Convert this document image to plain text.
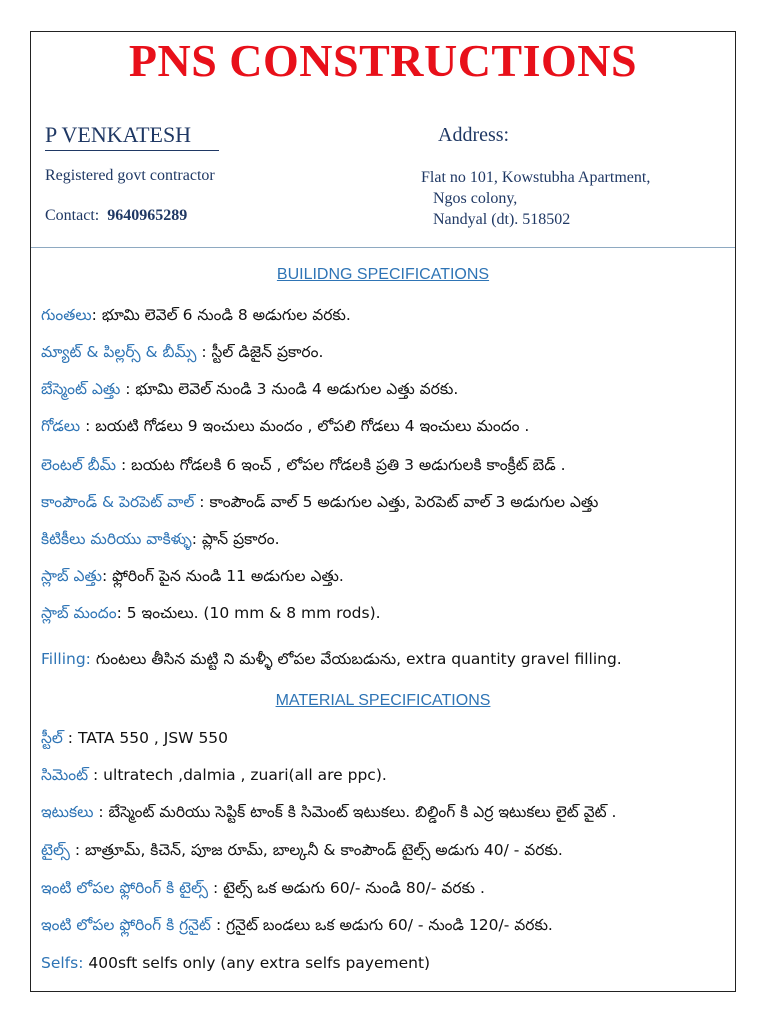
PNS CONSTRUCTIONS
P VENKATESH
Registered govt contractor
Contact: 9640965289
Address:
Flat no 101, Kowstubha Apartment,
Ngos colony,
Nandyal (dt). 518502
BUILIDNG SPECIFICATIONS
గుంతలు: భూమి లెవెల్ 6 నుండి 8 అడుగుల వరకు.
మ్యాట్ & పిల్లర్స్ & బీమ్స్ : స్టీల్ డిజైన్ ప్రకారం.
బేస్మెంట్ ఎత్తు : భూమి లెవెల్ నుండి 3 నుండి 4 అడుగుల ఎత్తు వరకు.
గోడలు : బయటి గోడలు 9 ఇంచులు మందం , లోపలి గోడలు 4 ఇంచులు మందం .
లెంటల్ బీమ్ : బయట గోడలకి 6 ఇంచ్ , లోపల గోడలకి ప్రతి 3 అడుగులకి కాంక్రీట్ బెడ్ .
కాంపౌండ్ & పెరపెట్ వాల్ : కాంపౌండ్ వాల్ 5 అడుగుల ఎత్తు, పెరపెట్ వాల్ 3 అడుగుల ఎత్తు
కిటికీలు మరియు వాకిళ్ళు: ప్లాన్ ప్రకారం.
స్లాబ్ ఎత్తు: ఫ్లోరింగ్ పైన నుండి 11 అడుగుల ఎత్తు.
స్లాబ్ మందం: 5 ఇంచులు. (10 mm & 8 mm rods).
Filling: గుంటలు తీసిన మట్టి ని మళ్ళీ లోపల వేయబడును, extra quantity gravel filling.
MATERIAL SPECIFICATIONS
స్టీల్ : TATA 550 , JSW 550
సిమెంట్ : ultratech ,dalmia , zuari(all are ppc).
ఇటుకలు : బేస్మెంట్ మరియు సెప్టిక్ టాంక్ కి సిమెంట్ ఇటుకలు. బిల్డింగ్ కి ఎర్ర ఇటుకలు లైట్ వైట్ .
టైల్స్ : బాత్రూమ్, కిచెన్, పూజ రూమ్, బాల్కనీ & కాంపౌండ్ టైల్స్ అడుగు 40/ - వరకు.
ఇంటి లోపల ఫ్లోరింగ్ కి టైల్స్ : టైల్స్ ఒక అడుగు 60/- నుండి 80/- వరకు .
ఇంటి లోపల ఫ్లోరింగ్ కి గ్రనైట్ : గ్రనైట్ బండలు ఒక అడుగు 60/ - నుండి 120/- వరకు.
Selfs: 400sft selfs only (any extra selfs payement)
